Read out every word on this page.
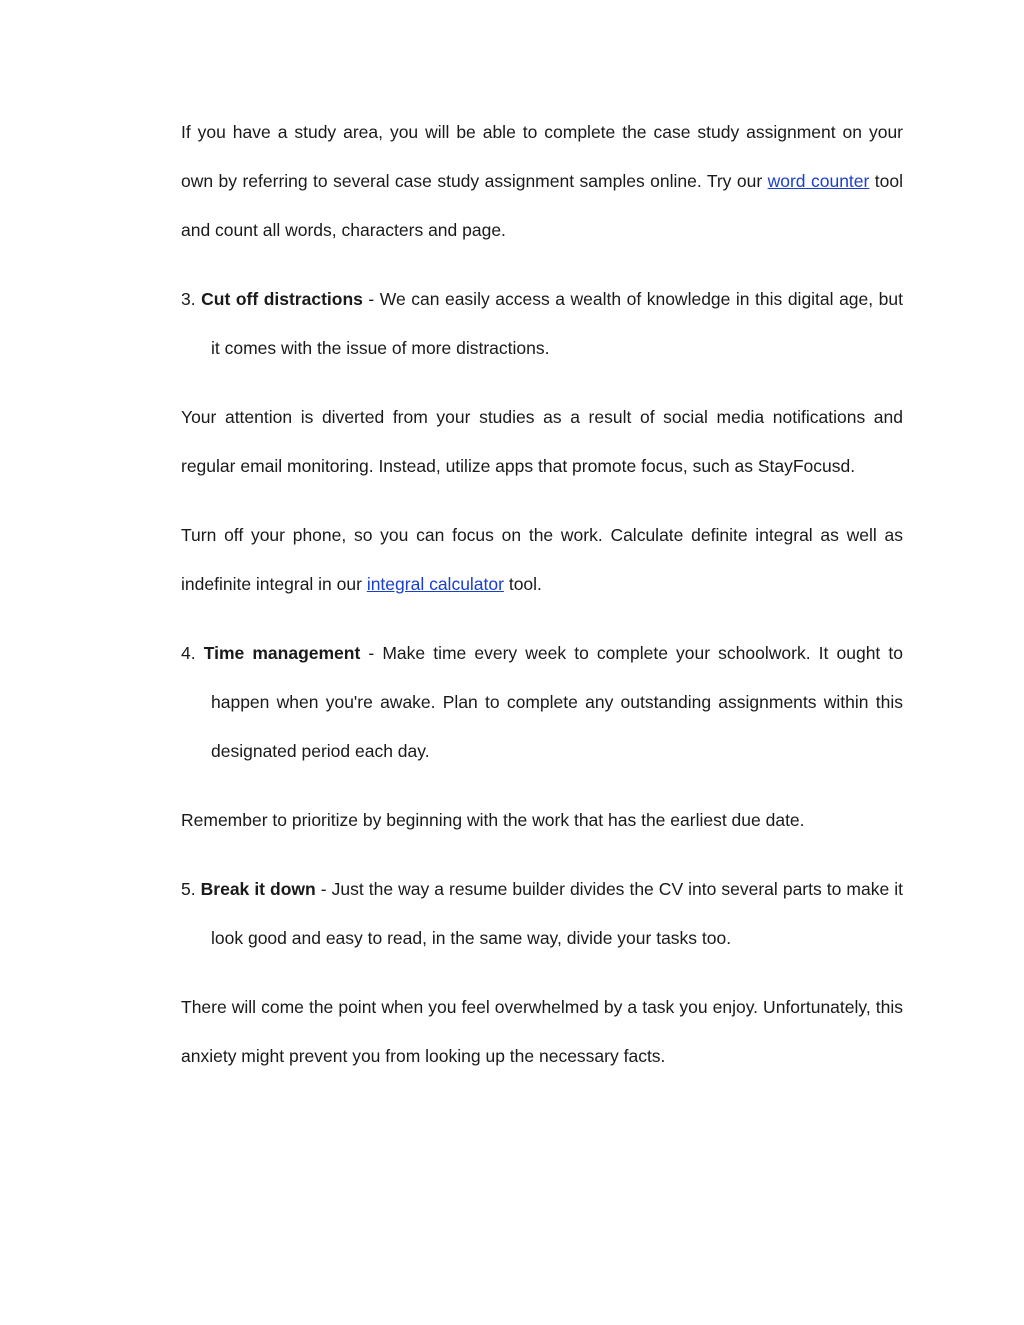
If you have a study area, you will be able to complete the case study assignment on your own by referring to several case study assignment samples online. Try our word counter tool and count all words, characters and page.

3. Cut off distractions - We can easily access a wealth of knowledge in this digital age, but it comes with the issue of more distractions.

Your attention is diverted from your studies as a result of social media notifications and regular email monitoring. Instead, utilize apps that promote focus, such as StayFocusd.

Turn off your phone, so you can focus on the work. Calculate definite integral as well as indefinite integral in our integral calculator tool.

4. Time management - Make time every week to complete your schoolwork. It ought to happen when you're awake. Plan to complete any outstanding assignments within this designated period each day.

Remember to prioritize by beginning with the work that has the earliest due date.

5. Break it down - Just the way a resume builder divides the CV into several parts to make it look good and easy to read, in the same way, divide your tasks too.

There will come the point when you feel overwhelmed by a task you enjoy. Unfortunately, this anxiety might prevent you from looking up the necessary facts.
